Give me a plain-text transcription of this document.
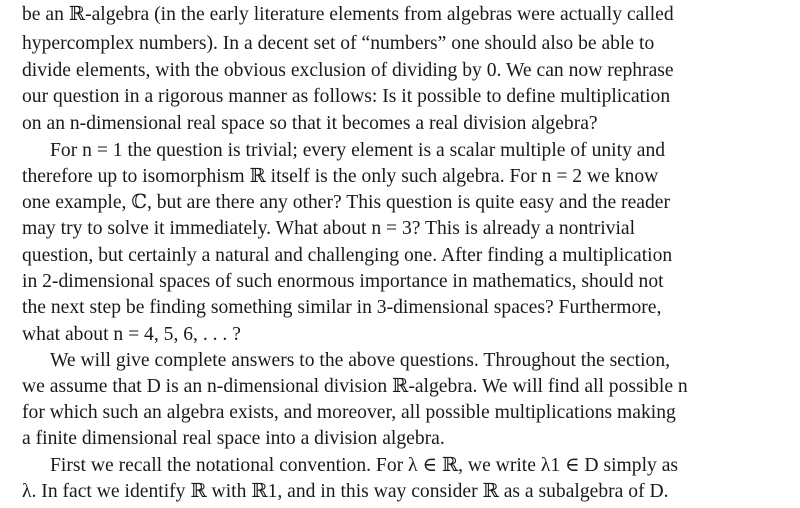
be an ℝ-algebra (in the early literature elements from algebras were actually called
hypercomplex numbers). In a decent set of “numbers” one should also be able to
divide elements, with the obvious exclusion of dividing by 0. We can now rephrase
our question in a rigorous manner as follows: Is it possible to define multiplication
on an n-dimensional real space so that it becomes a real division algebra?
For n = 1 the question is trivial; every element is a scalar multiple of unity and
therefore up to isomorphism ℝ itself is the only such algebra. For n = 2 we know
one example, ℂ, but are there any other? This question is quite easy and the reader
may try to solve it immediately. What about n = 3? This is already a nontrivial
question, but certainly a natural and challenging one. After finding a multiplication
in 2-dimensional spaces of such enormous importance in mathematics, should not
the next step be finding something similar in 3-dimensional spaces? Furthermore,
what about n = 4, 5, 6, . . . ?
We will give complete answers to the above questions. Throughout the section,
we assume that D is an n-dimensional division ℝ-algebra. We will find all possible n
for which such an algebra exists, and moreover, all possible multiplications making
a finite dimensional real space into a division algebra.
First we recall the notational convention. For λ ∈ ℝ, we write λ1 ∈ D simply as
λ. In fact we identify ℝ with ℝ1, and in this way consider ℝ as a subalgebra of D.
